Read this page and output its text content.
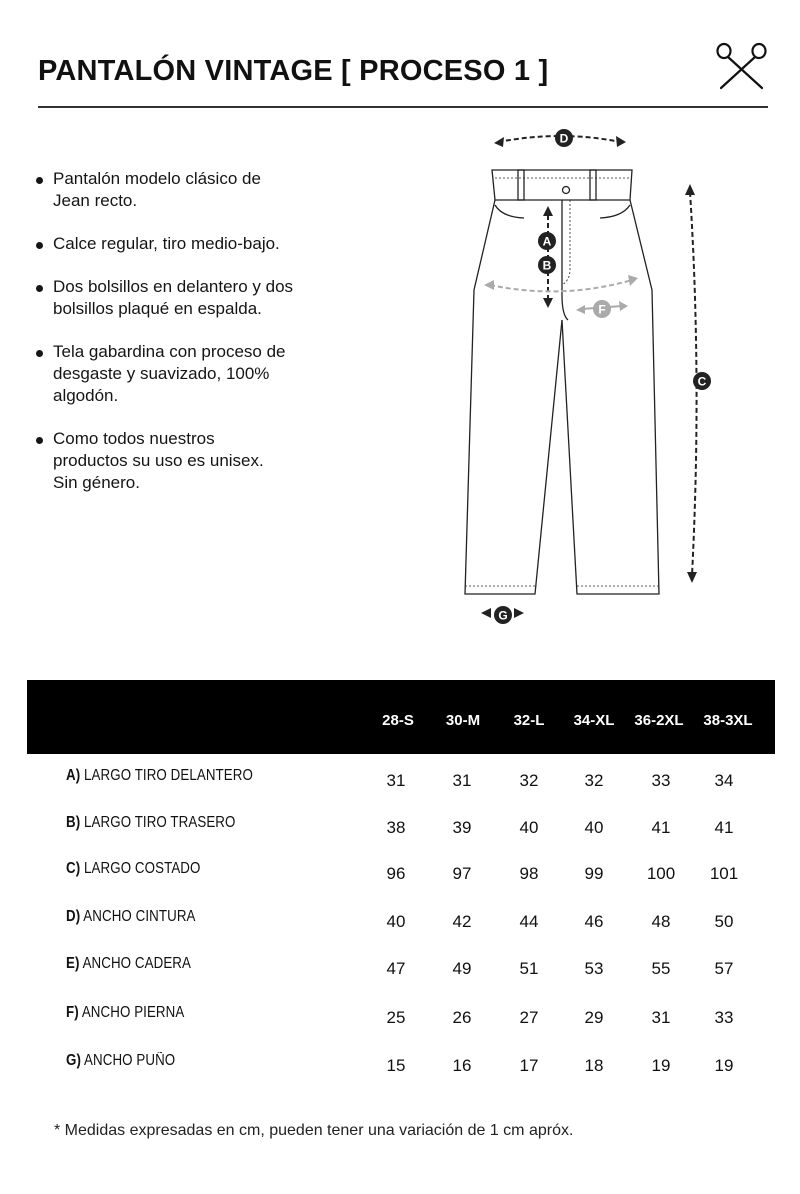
PANTALÓN VINTAGE [ PROCESO 1 ]
Pantalón modelo clásico de
Jean recto.
Calce regular, tiro medio-bajo.
Dos bolsillos en delantero y dos
bolsillos plaqué en espalda.
Tela gabardina con proceso de
desgaste y suavizado, 100%
algodón.
Como todos nuestros
productos su uso es unisex.
Sin género.
D
A
B
F
C
G
28-S	30-M	32-L	34-XL	36-2XL	38-3XL
A) LARGO TIRO DELANTERO	31	31	32	32	33	34
B) LARGO TIRO TRASERO	38	39	40	40	41	41
C) LARGO COSTADO	96	97	98	99	100	101
D) ANCHO CINTURA	40	42	44	46	48	50
E) ANCHO CADERA	47	49	51	53	55	57
F) ANCHO PIERNA	25	26	27	29	31	33
G) ANCHO PUÑO	15	16	17	18	19	19
* Medidas expresadas en cm, pueden tener una variación de 1 cm apróx.
